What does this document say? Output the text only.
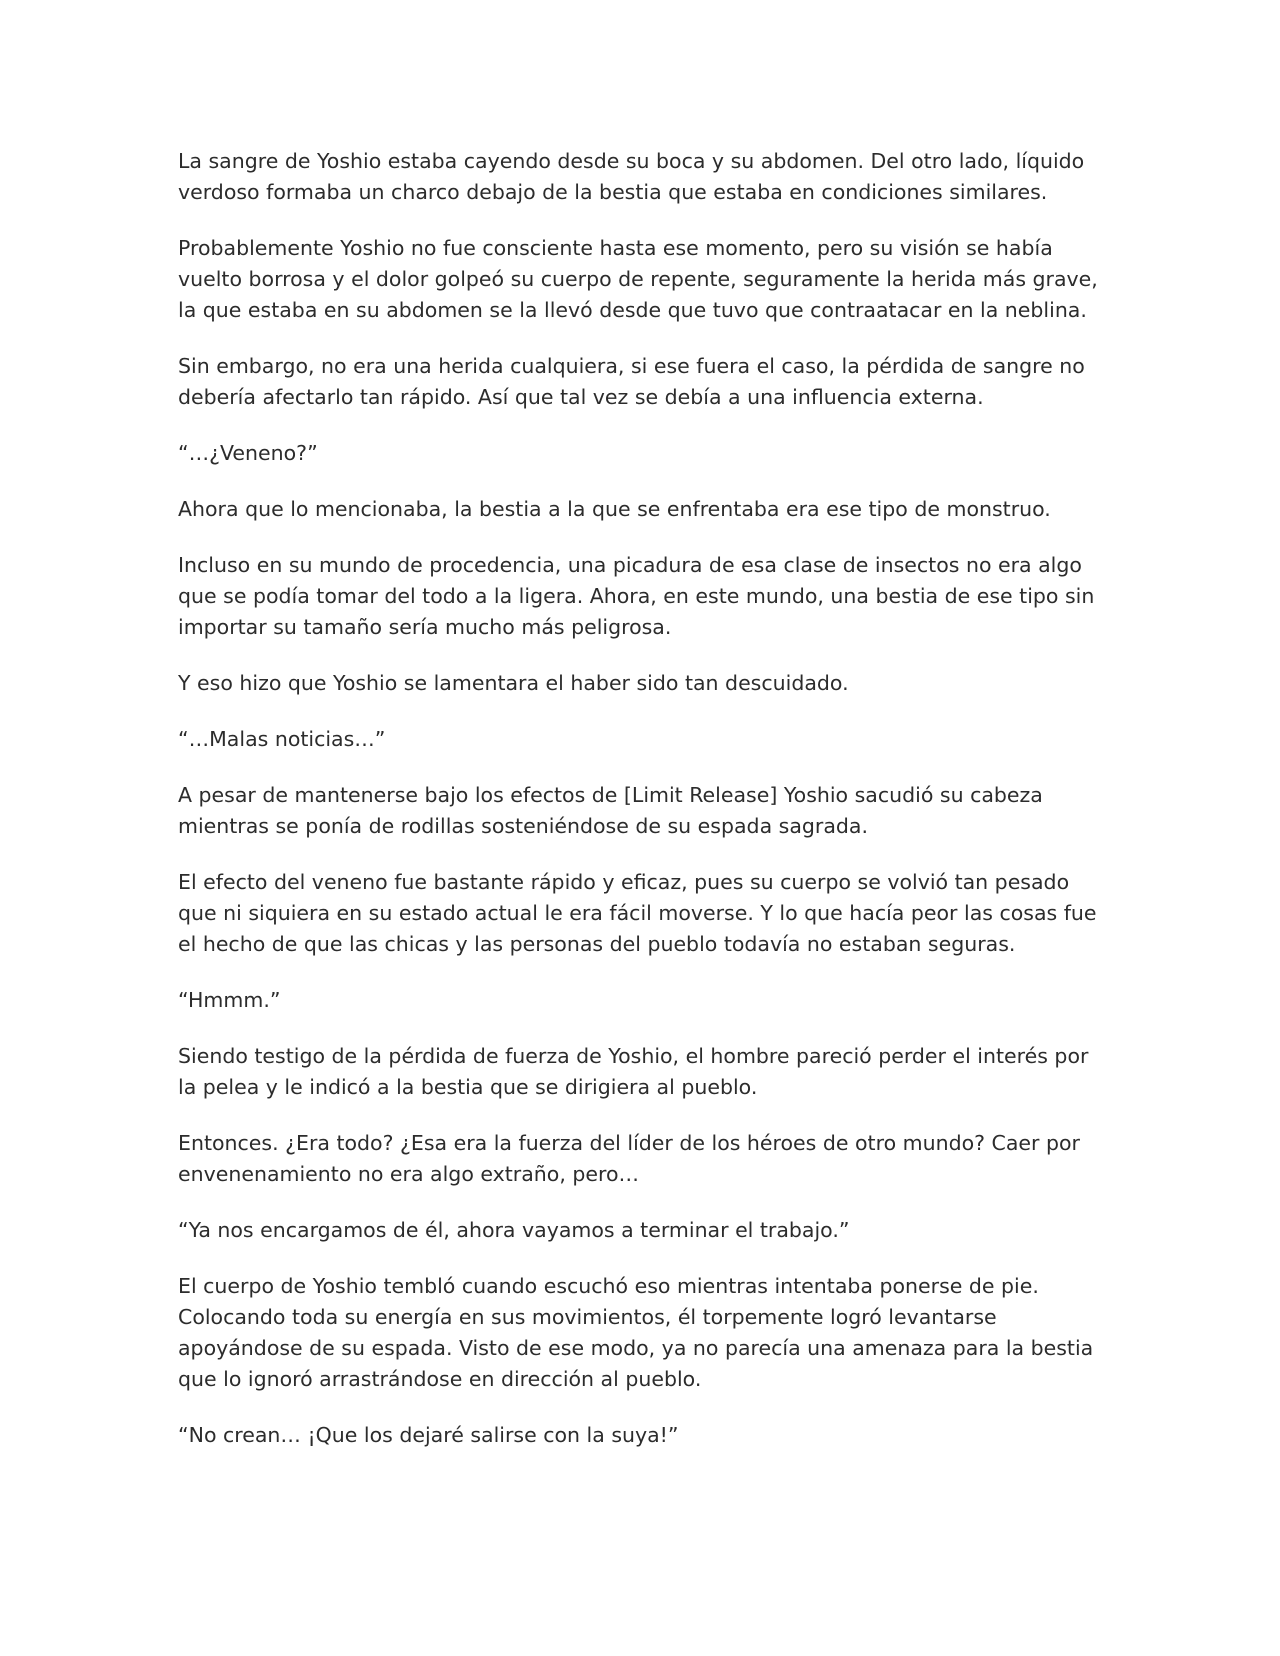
La sangre de Yoshio estaba cayendo desde su boca y su abdomen. Del otro lado, líquido verdoso formaba un charco debajo de la bestia que estaba en condiciones similares.

Probablemente Yoshio no fue consciente hasta ese momento, pero su visión se había vuelto borrosa y el dolor golpeó su cuerpo de repente, seguramente la herida más grave, la que estaba en su abdomen se la llevó desde que tuvo que contraatacar en la neblina.

Sin embargo, no era una herida cualquiera, si ese fuera el caso, la pérdida de sangre no debería afectarlo tan rápido. Así que tal vez se debía a una influencia externa.

“…¿Veneno?”

Ahora que lo mencionaba, la bestia a la que se enfrentaba era ese tipo de monstruo.

Incluso en su mundo de procedencia, una picadura de esa clase de insectos no era algo que se podía tomar del todo a la ligera. Ahora, en este mundo, una bestia de ese tipo sin importar su tamaño sería mucho más peligrosa.

Y eso hizo que Yoshio se lamentara el haber sido tan descuidado.

“…Malas noticias…”

A pesar de mantenerse bajo los efectos de [Limit Release] Yoshio sacudió su cabeza mientras se ponía de rodillas sosteniéndose de su espada sagrada.

El efecto del veneno fue bastante rápido y eficaz, pues su cuerpo se volvió tan pesado que ni siquiera en su estado actual le era fácil moverse. Y lo que hacía peor las cosas fue el hecho de que las chicas y las personas del pueblo todavía no estaban seguras.

“Hmmm.”

Siendo testigo de la pérdida de fuerza de Yoshio, el hombre pareció perder el interés por la pelea y le indicó a la bestia que se dirigiera al pueblo.

Entonces. ¿Era todo? ¿Esa era la fuerza del líder de los héroes de otro mundo? Caer por envenenamiento no era algo extraño, pero…

“Ya nos encargamos de él, ahora vayamos a terminar el trabajo.”

El cuerpo de Yoshio tembló cuando escuchó eso mientras intentaba ponerse de pie. Colocando toda su energía en sus movimientos, él torpemente logró levantarse apoyándose de su espada. Visto de ese modo, ya no parecía una amenaza para la bestia que lo ignoró arrastrándose en dirección al pueblo.

“No crean… ¡Que los dejaré salirse con la suya!”
